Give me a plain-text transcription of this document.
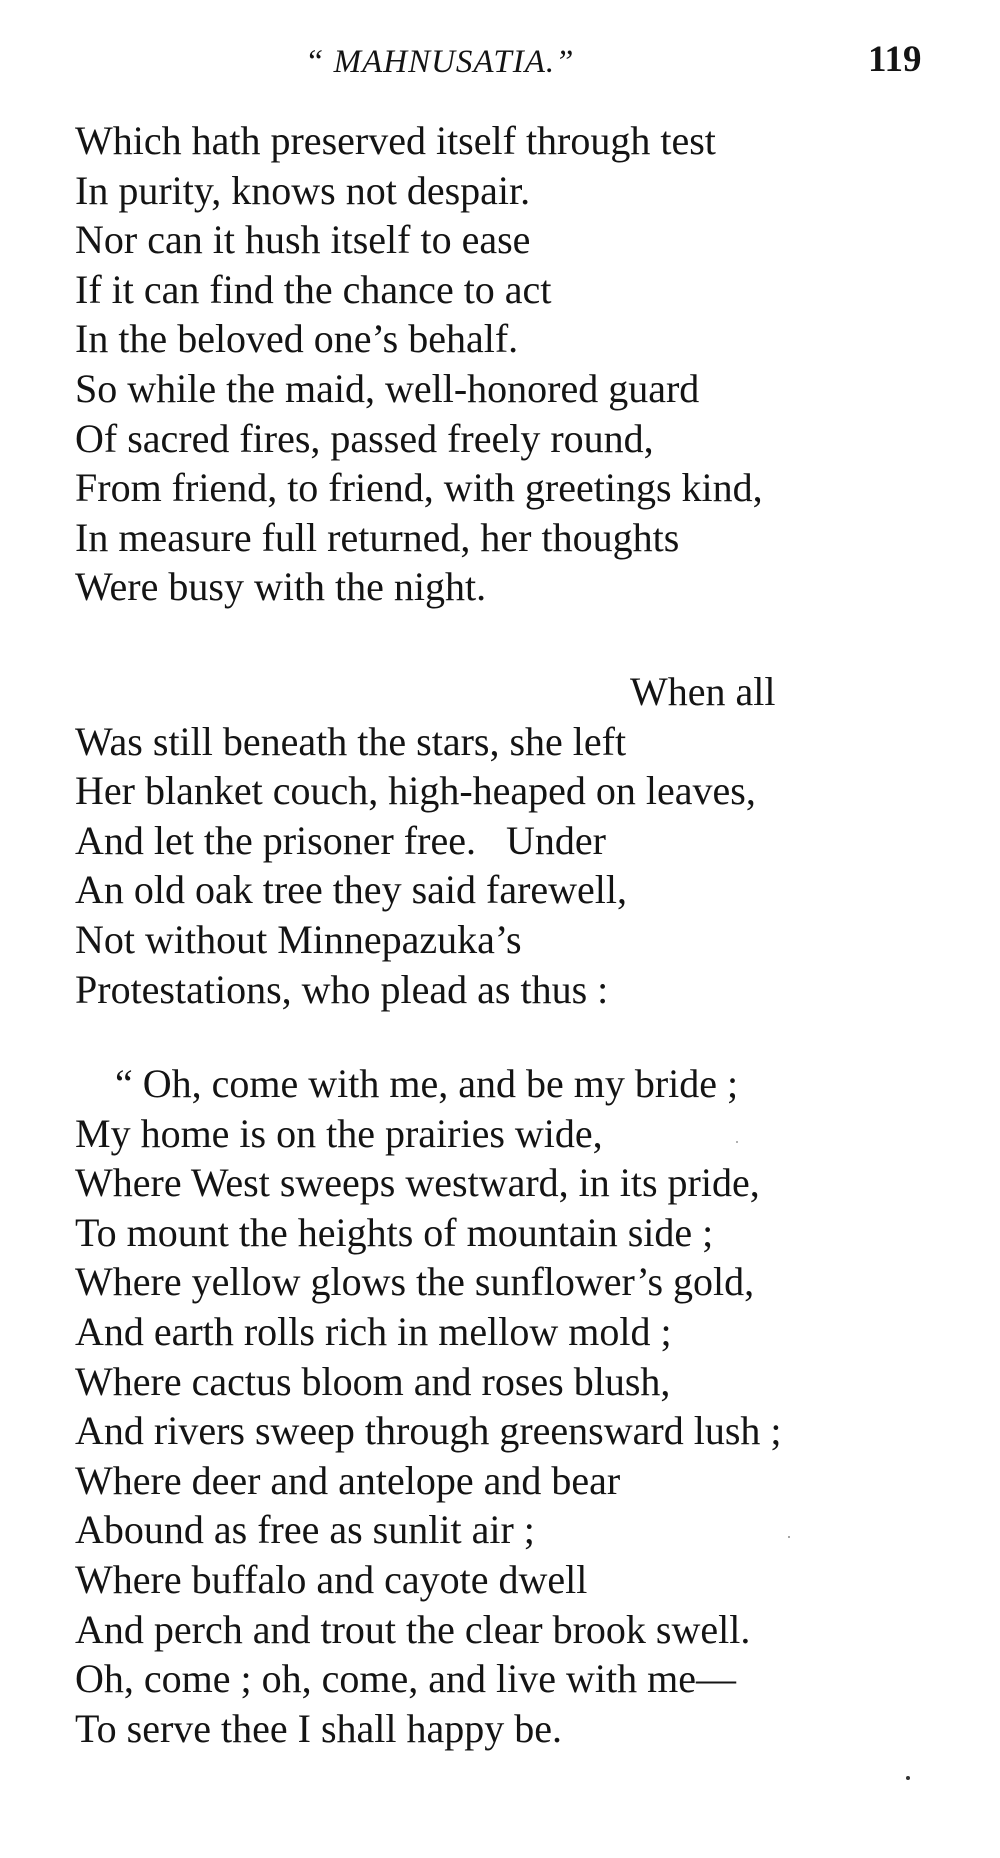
“ MAHNUSATIA.”	119
Which hath preserved itself through test
In purity, knows not despair.
Nor can it hush itself to ease
If it can find the chance to act
In the beloved one’s behalf.
So while the maid, well-honored guard
Of sacred fires, passed freely round,
From friend, to friend, with greetings kind,
In measure full returned, her thoughts
Were busy with the night.
When all
Was still beneath the stars, she left
Her blanket couch, high-heaped on leaves,
And let the prisoner free.   Under
An old oak tree they said farewell,
Not without Minnepazuka’s
Protestations, who plead as thus :
“ Oh, come with me, and be my bride ;
My home is on the prairies wide,
Where West sweeps westward, in its pride,
To mount the heights of mountain side ;
Where yellow glows the sunflower’s gold,
And earth rolls rich in mellow mold ;
Where cactus bloom and roses blush,
And rivers sweep through greensward lush ;
Where deer and antelope and bear
Abound as free as sunlit air ;
Where buffalo and cayote dwell
And perch and trout the clear brook swell.
Oh, come ; oh, come, and live with me—
To serve thee I shall happy be.
